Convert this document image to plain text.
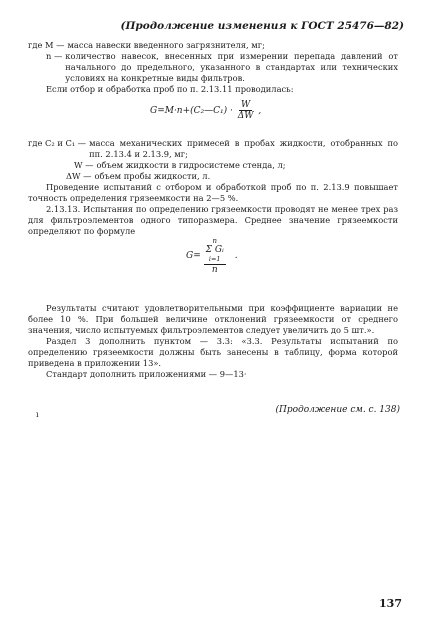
(Продолжение изменения к ГОСТ 25476—82)
где M — масса навески введенного загрязнителя, мг;
n — количество навесок, внесенных при измерении перепада давлений от начального до предельного, указанного в стандартах или технических условиях на конкретные виды фильтров.

Если отбор и обработка проб по п. 2.13.11 проводилась:

G=M·n+(C₂—C₁) · $\frac{W}{\Delta W}$ ,
где C₂ и C₁ — масса механических примесей в пробах жидкости, отобранных по пп. 2.13.4 и 2.13.9, мг;
W — объем жидкости в гидросистеме стенда, л;
ΔW — объем пробы жидкости, л.

Проведение испытаний с отбором и обработкой проб по п. 2.13.9 повышает точность определения грязеемкости на 2—5 %.

2.13.13. Испытания по определению грязеемкости проводят не менее трех раз для фильтроэлементов одного типоразмера. Среднее значение грязеемкости определяют по формуле

G= n
Σ Gᵢ
i=1
n .

Результаты считают удовлетворительными при коэффициенте вариации не более 10 %. При большей величине отклонений грязеемкости от среднего значения, число испытуемых фильтроэлементов следует увеличить до 5 шт.».

Раздел 3 дополнить пунктом — 3.3: «3.3. Результаты испытаний по определению грязеемкости должны быть занесены в таблицу, форма которой приведена в приложении 13».

Стандарт дополнить приложениями — 9—13·

ı	(Продолжение см. с. 138)
137
